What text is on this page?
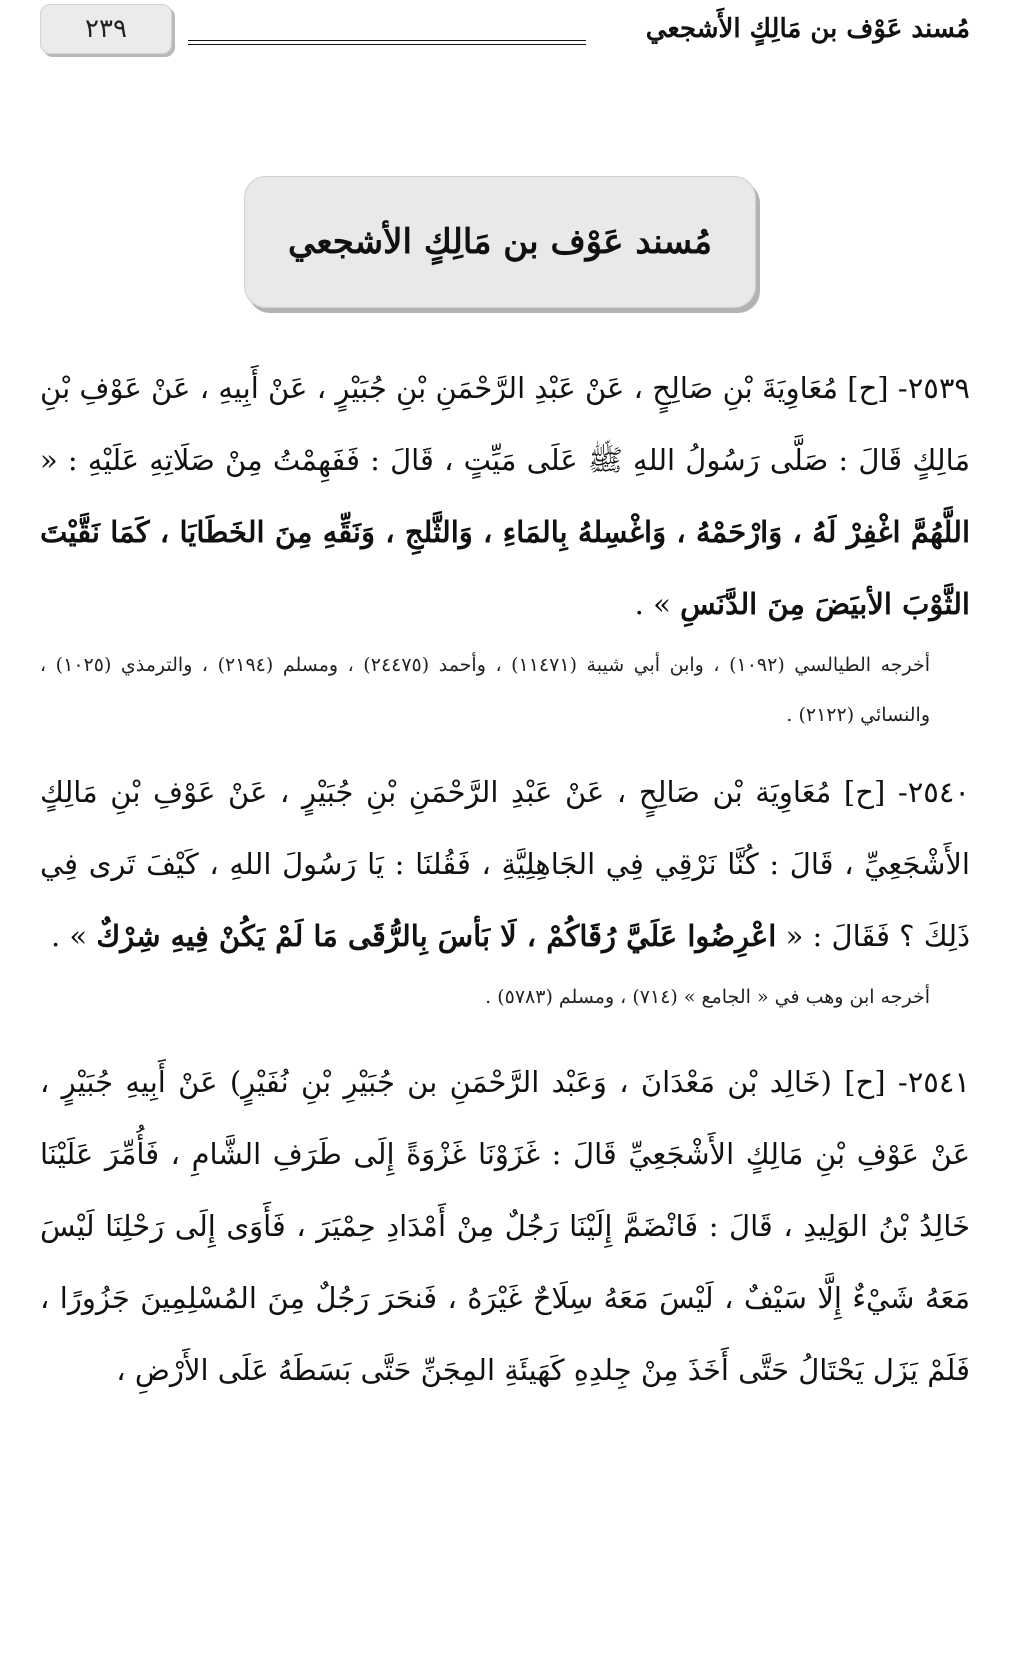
٢٣٩	مُسند عَوْف بن مَالِكٍ الأَشجعي
مُسند عَوْف بن مَالِكٍ الأشجعي

٢٥٣٩- [ح] مُعَاوِيَةَ بْنِ صَالِحٍ ، عَنْ عَبْدِ الرَّحْمَنِ بْنِ جُبَيْرٍ ، عَنْ أَبِيهِ ، عَنْ عَوْفِ بْنِ مَالِكٍ قَالَ : صَلَّى رَسُولُ اللهِ ﷺ عَلَى مَيِّتٍ ، قَالَ : فَفَهِمْتُ مِنْ صَلَاتِهِ عَلَيْهِ : « اللَّهُمَّ اغْفِرْ لَهُ ، وَارْحَمْهُ ، وَاغْسِلهُ بِالمَاءِ ، وَالثَّلجِ ، وَنَقِّهِ مِنَ الخَطَايَا ، كَمَا نَقَّيْتَ الثَّوْبَ الأبيَضَ مِنَ الدَّنَسِ » .

أخرجه الطيالسي (١٠٩٢) ، وابن أبي شيبة (١١٤٧١) ، وأحمد (٢٤٤٧٥) ، ومسلم (٢١٩٤) ، والترمذي (١٠٢٥) ، والنسائي (٢١٢٢) .

٢٥٤٠- [ح] مُعَاوِيَة بْن صَالِحٍ ، عَنْ عَبْدِ الرَّحْمَنِ بْنِ جُبَيْرٍ ، عَنْ عَوْفِ بْنِ مَالِكٍ الأَشْجَعِيِّ ، قَالَ : كُنَّا نَرْقِي فِي الجَاهِلِيَّةِ ، فَقُلنَا : يَا رَسُولَ اللهِ ، كَيْفَ تَرى فِي ذَلِكَ ؟ فَقَالَ : « اعْرِضُوا عَلَيَّ رُقَاكُمْ ، لَا بَأسَ بِالرُّقَى مَا لَمْ يَكُنْ فِيهِ شِرْكٌ » .

أخرجه ابن وهب في « الجامع » (٧١٤) ، ومسلم (٥٧٨٣) .

٢٥٤١- [ح] (خَالِد بْن مَعْدَانَ ، وَعَبْد الرَّحْمَنِ بن جُبَيْرِ بْنِ نُفَيْرٍ) عَنْ أَبِيهِ جُبَيْرٍ ، عَنْ عَوْفِ بْنِ مَالِكٍ الأَشْجَعِيِّ قَالَ : غَزَوْنَا غَزْوَةً إِلَى طَرَفِ الشَّامِ ، فَأُمِّرَ عَلَيْنَا خَالِدُ بْنُ الوَلِيدِ ، قَالَ : فَانْضَمَّ إِلَيْنَا رَجُلٌ مِنْ أَمْدَادِ حِمْيَرَ ، فَأَوَى إِلَى رَحْلِنَا لَيْسَ مَعَهُ شَيْءٌ إِلَّا سَيْفٌ ، لَيْسَ مَعَهُ سِلَاحٌ غَيْرَهُ ، فَنحَرَ رَجُلٌ مِنَ المُسْلِمِينَ جَزُورًا ، فَلَمْ يَزَل يَحْتَالُ حَتَّى أَخَذَ مِنْ جِلدِهِ كَهَيئَةِ المِجَنِّ حَتَّى بَسَطَهُ عَلَى الأَرْضِ ،
